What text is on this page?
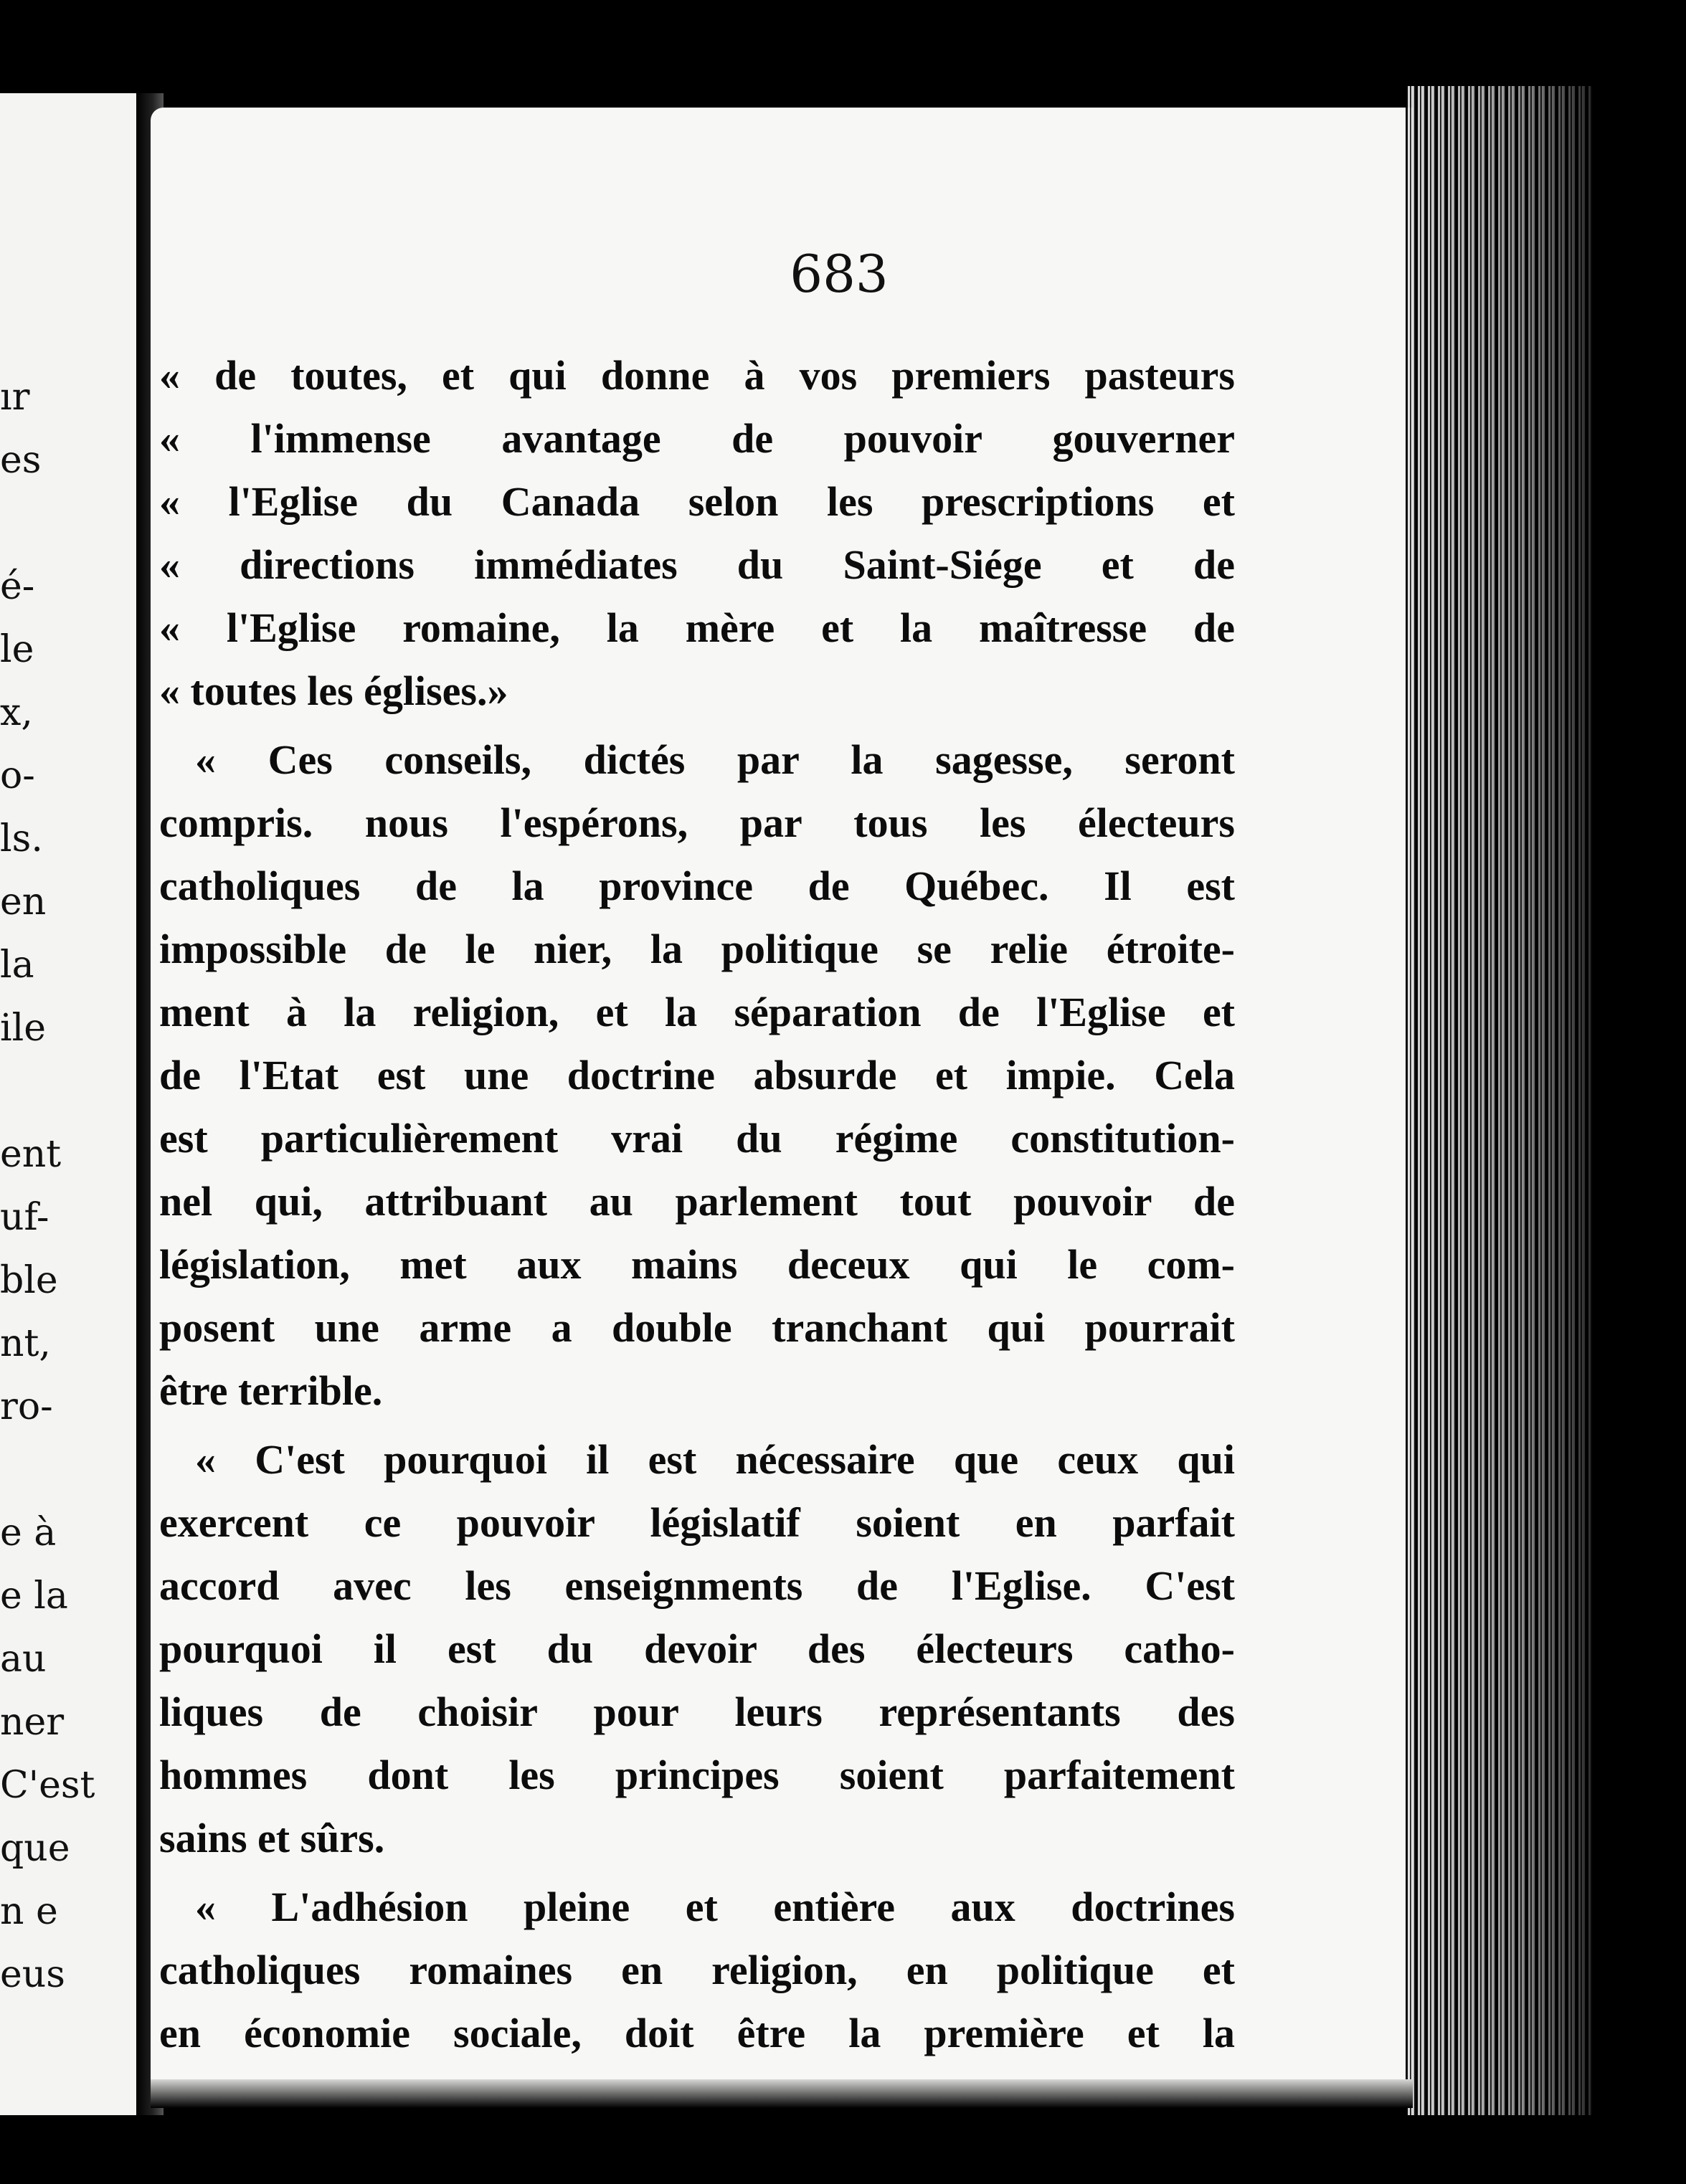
ır
es

é-
le
x,
o-
ls.
en
la
ile

ent
uf-
ble
nt,
ro-

e à
e la
au
ner
C'est
que
n e
eus
683
« de toutes, et qui donne à vos premiers pasteurs
« l'immense avantage de pouvoir gouverner
« l'Eglise du Canada selon les prescriptions et
« directions immédiates du Saint-Siége et de
« l'Eglise romaine, la mère et la maîtresse de
« toutes les églises.»
« Ces conseils, dictés par la sagesse, seront
compris. nous l'espérons, par tous les électeurs
catholiques de la province de Québec. Il est
impossible de le nier, la politique se relie étroite-
ment à la religion, et la séparation de l'Eglise et
de l'Etat est une doctrine absurde et impie. Cela
est particulièrement vrai du régime constitution-
nel qui, attribuant au parlement tout pouvoir de
législation, met aux mains deceux qui le com-
posent une arme a double tranchant qui pourrait
être terrible.
« C'est pourquoi il est nécessaire que ceux qui
exercent ce pouvoir législatif soient en parfait
accord avec les enseignments de l'Eglise. C'est
pourquoi il est du devoir des électeurs catho-
liques de choisir pour leurs représentants des
hommes dont les principes soient parfaitement
sains et sûrs.
« L'adhésion pleine et entière aux doctrines
catholiques romaines en religion, en politique et
en économie sociale, doit être la première et la
